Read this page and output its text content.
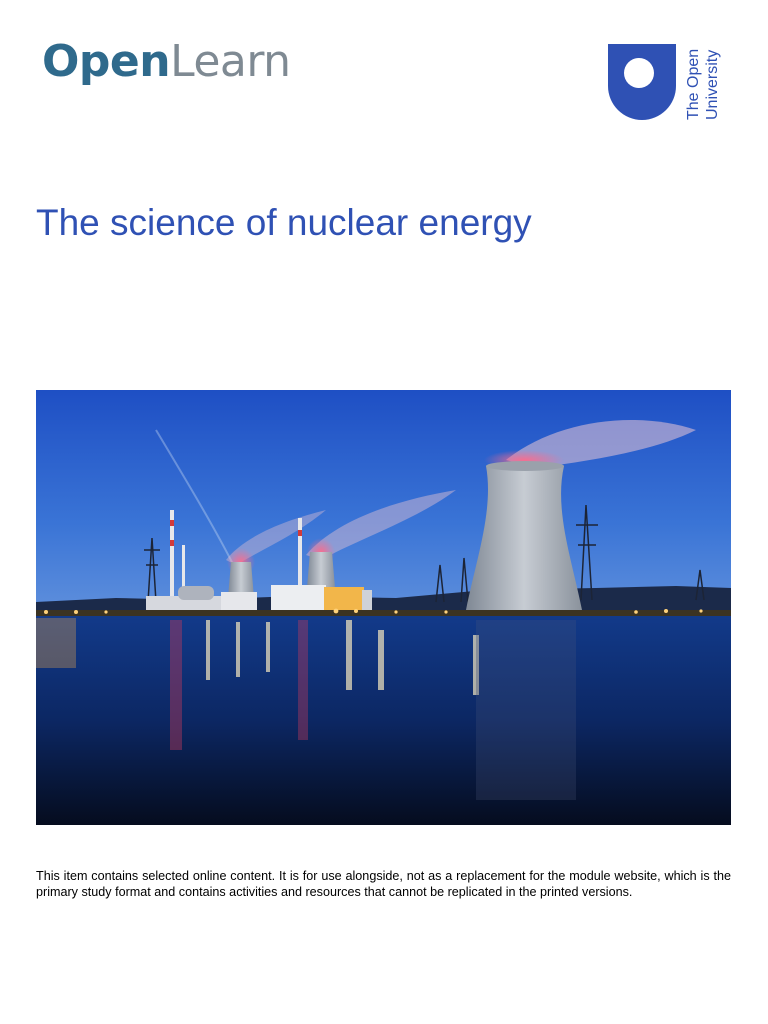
OpenLearn	The Open University
The science of nuclear energy

This item contains selected online content. It is for use alongside, not as a replacement for the module website, which is the primary study format and contains activities and resources that cannot be replicated in the printed versions.
